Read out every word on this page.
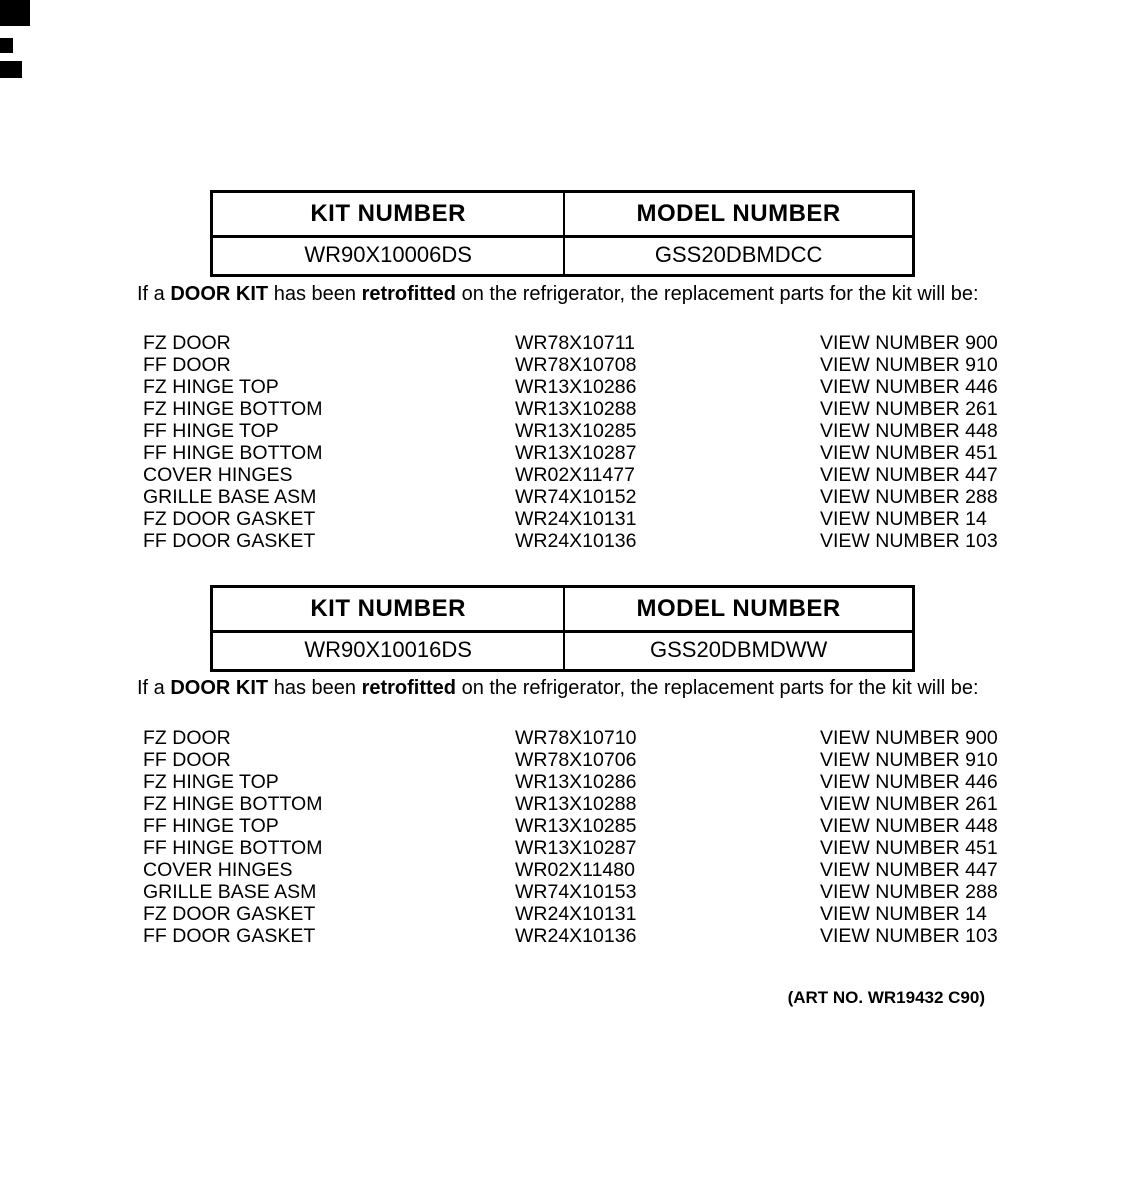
KIT NUMBER	MODEL NUMBER
WR90X10006DS	GSS20DBMDCC

If a DOOR KIT has been retrofitted on the refrigerator, the replacement parts for the kit will be:

FZ DOOR	WR78X10711	VIEW NUMBER 900
FF DOOR	WR78X10708	VIEW NUMBER 910
FZ HINGE TOP	WR13X10286	VIEW NUMBER 446
FZ HINGE BOTTOM	WR13X10288	VIEW NUMBER 261
FF HINGE TOP	WR13X10285	VIEW NUMBER 448
FF HINGE BOTTOM	WR13X10287	VIEW NUMBER 451
COVER HINGES	WR02X11477	VIEW NUMBER 447
GRILLE BASE ASM	WR74X10152	VIEW NUMBER 288
FZ DOOR GASKET	WR24X10131	VIEW NUMBER 14
FF DOOR GASKET	WR24X10136	VIEW NUMBER 103
KIT NUMBER	MODEL NUMBER
WR90X10016DS	GSS20DBMDWW

If a DOOR KIT has been retrofitted on the refrigerator, the replacement parts for the kit will be:

FZ DOOR	WR78X10710	VIEW NUMBER 900
FF DOOR	WR78X10706	VIEW NUMBER 910
FZ HINGE TOP	WR13X10286	VIEW NUMBER 446
FZ HINGE BOTTOM	WR13X10288	VIEW NUMBER 261
FF HINGE TOP	WR13X10285	VIEW NUMBER 448
FF HINGE BOTTOM	WR13X10287	VIEW NUMBER 451
COVER HINGES	WR02X11480	VIEW NUMBER 447
GRILLE BASE ASM	WR74X10153	VIEW NUMBER 288
FZ DOOR GASKET	WR24X10131	VIEW NUMBER 14
FF DOOR GASKET	WR24X10136	VIEW NUMBER 103
(ART NO. WR19432 C90)
